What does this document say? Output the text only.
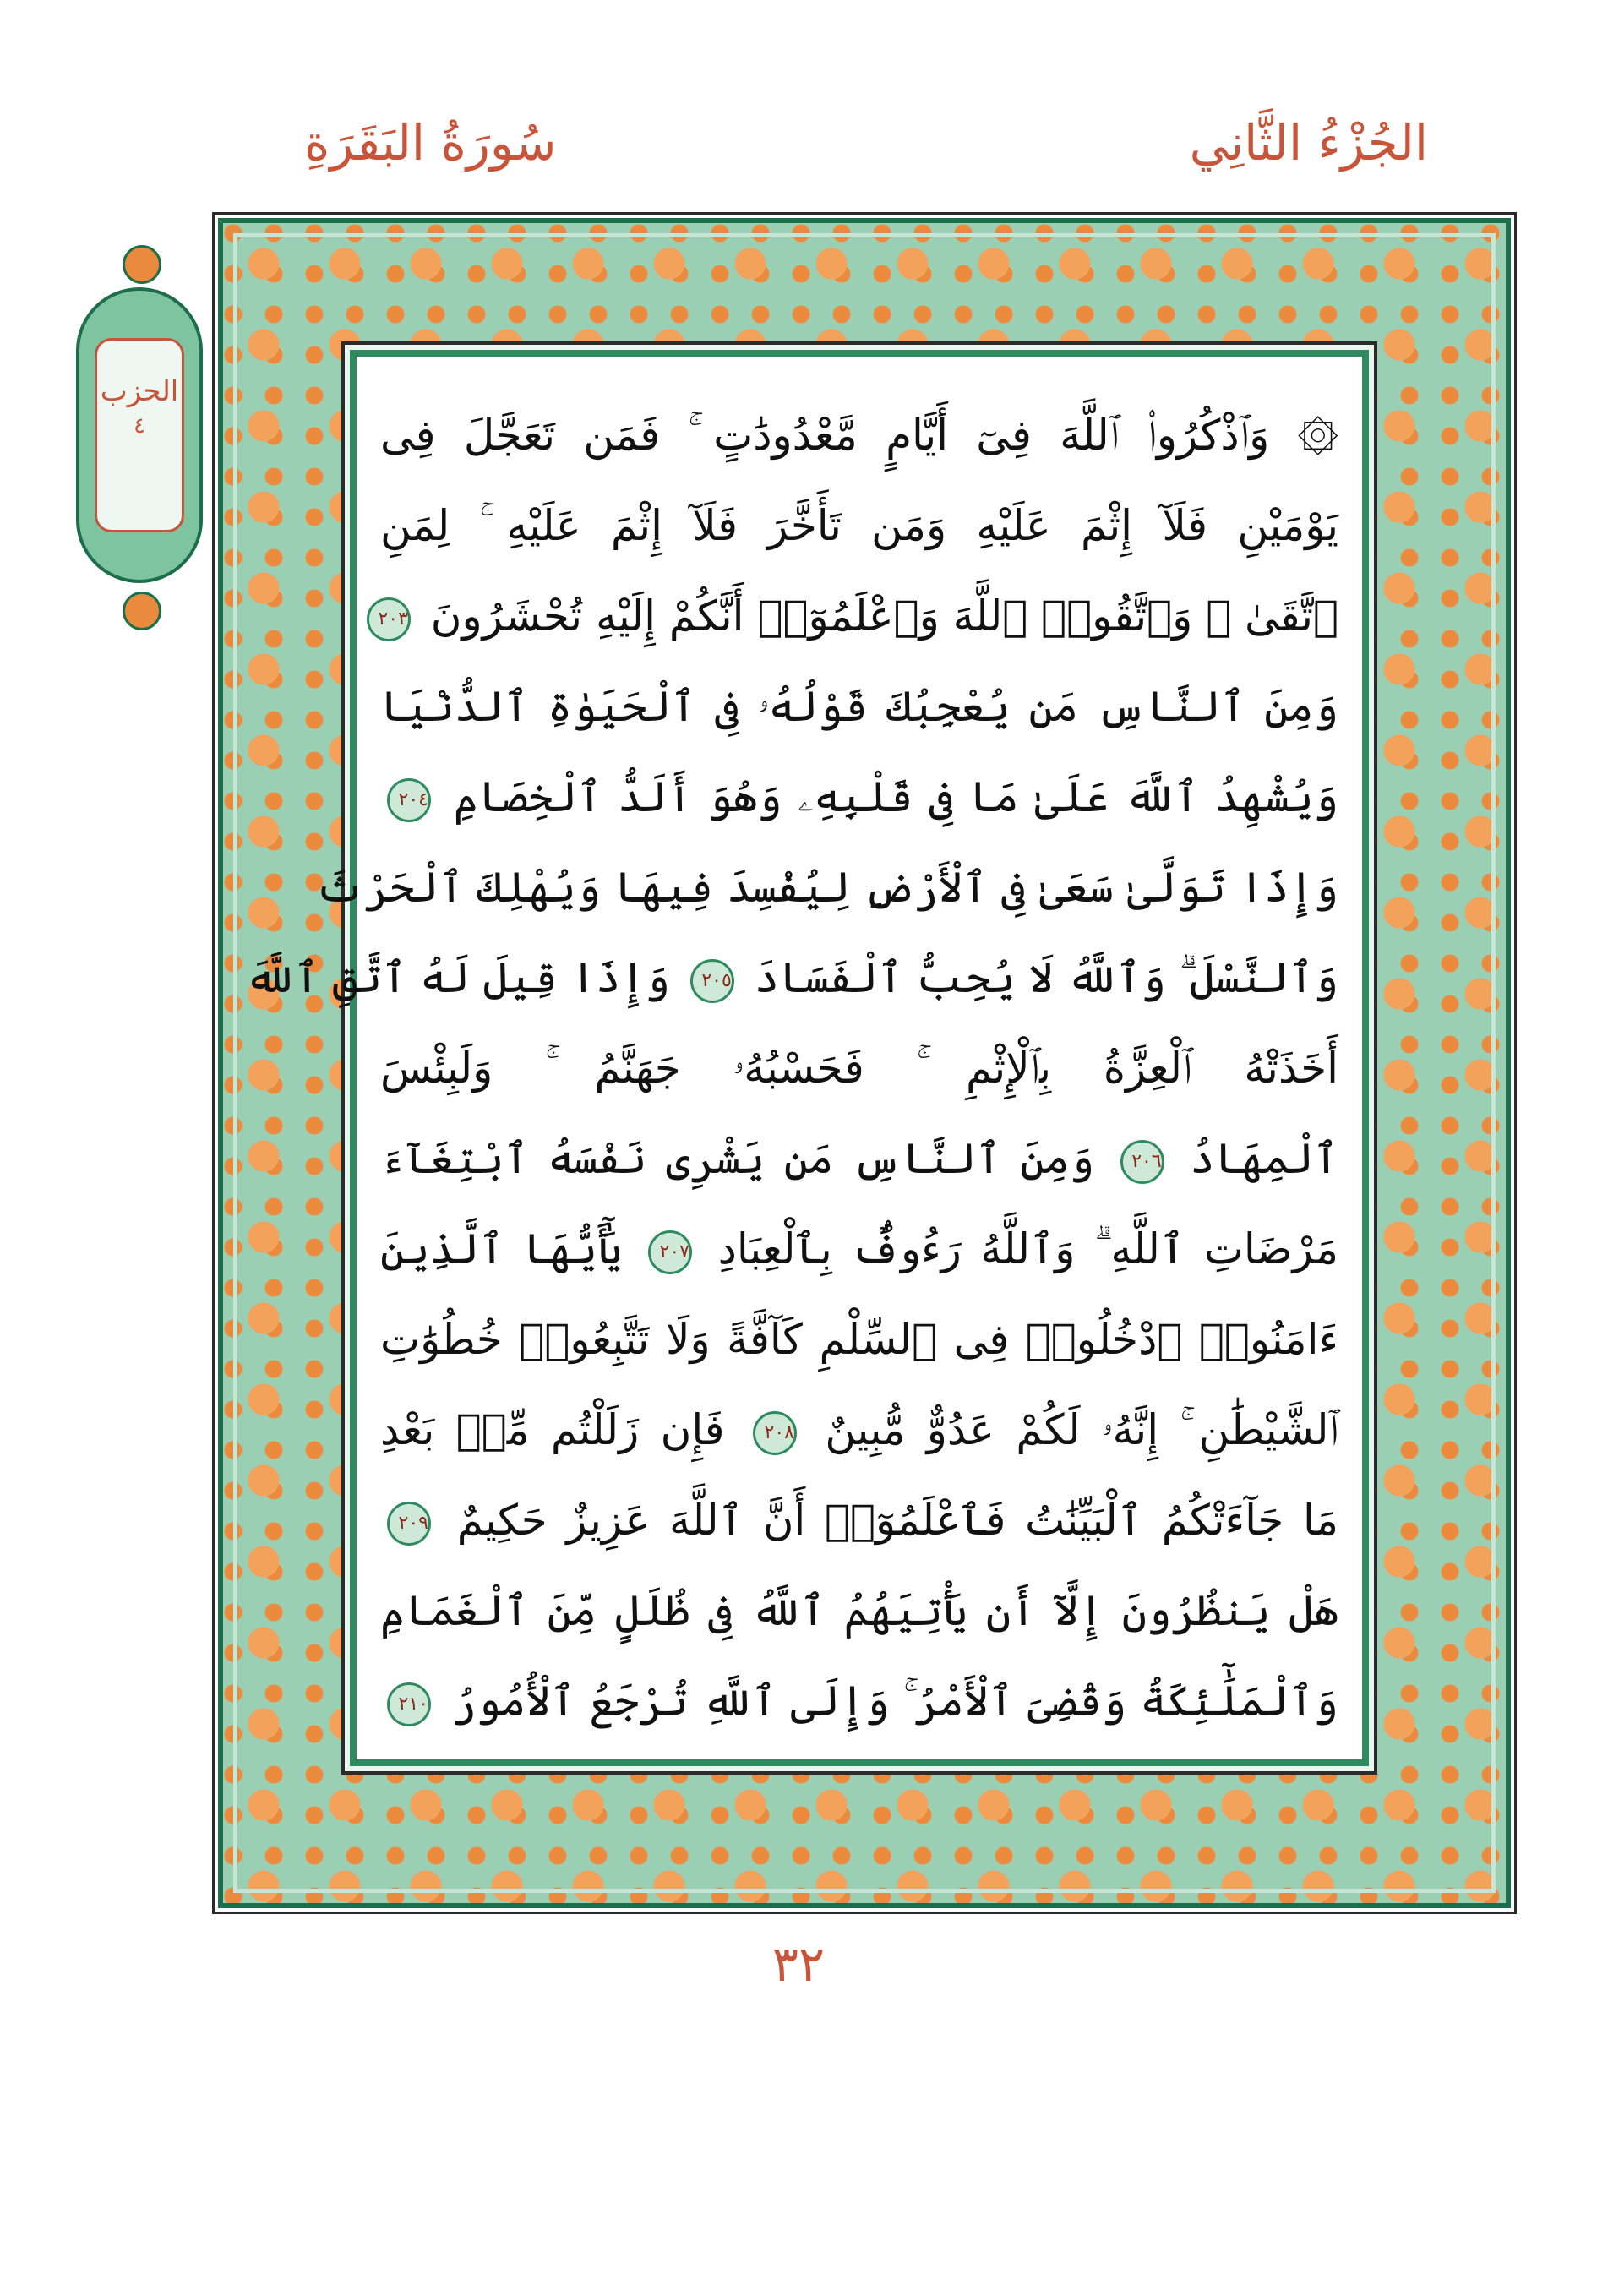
الجُزْءُ الثَّانِي
سُورَةُ البَقَرَةِ
الحزب
٤	۞ وَٱذْكُرُوا۟ ٱللَّهَ فِىٓ أَيَّامٍ مَّعْدُودَٰتٍ ۚ فَمَن تَعَجَّلَ فِى
يَوْمَيْنِ فَلَآ إِثْمَ عَلَيْهِ وَمَن تَأَخَّرَ فَلَآ إِثْمَ عَلَيْهِ ۚ لِمَنِ
ٱتَّقَىٰ ۗ وَٱتَّقُوا۟ ٱللَّهَ وَٱعْلَمُوٓا۟ أَنَّكُمْ إِلَيْهِ تُحْشَرُونَ ٢٠٣
وَمِنَ ٱلنَّاسِ مَن يُعْجِبُكَ قَوْلُهُۥ فِى ٱلْحَيَوٰةِ ٱلدُّنْيَا
وَيُشْهِدُ ٱللَّهَ عَلَىٰ مَا فِى قَلْبِهِۦ وَهُوَ أَلَدُّ ٱلْخِصَامِ ٢٠٤
وَإِذَا تَوَلَّىٰ سَعَىٰ فِى ٱلْأَرْضِ لِيُفْسِدَ فِيهَا وَيُهْلِكَ ٱلْحَرْثَ
وَٱلنَّسْلَ ۗ وَٱللَّهُ لَا يُحِبُّ ٱلْفَسَادَ ٢٠٥ وَإِذَا قِيلَ لَهُ ٱتَّقِ ٱللَّهَ
أَخَذَتْهُ ٱلْعِزَّةُ بِٱلْإِثْمِ ۚ فَحَسْبُهُۥ جَهَنَّمُ ۚ وَلَبِئْسَ
ٱلْمِهَادُ ٢٠٦ وَمِنَ ٱلنَّاسِ مَن يَشْرِى نَفْسَهُ ٱبْتِغَآءَ
مَرْضَاتِ ٱللَّهِ ۗ وَٱللَّهُ رَءُوفٌۢ بِٱلْعِبَادِ ٢٠٧ يَٰٓأَيُّهَا ٱلَّذِينَ
ءَامَنُوا۟ ٱدْخُلُوا۟ فِى ٱلسِّلْمِ كَآفَّةً وَلَا تَتَّبِعُوا۟ خُطُوَٰتِ
ٱلشَّيْطَٰنِ ۚ إِنَّهُۥ لَكُمْ عَدُوٌّ مُّبِينٌ ٢٠٨ فَإِن زَلَلْتُم مِّنۢ بَعْدِ
مَا جَآءَتْكُمُ ٱلْبَيِّنَٰتُ فَٱعْلَمُوٓا۟ أَنَّ ٱللَّهَ عَزِيزٌ حَكِيمٌ ٢٠٩
هَلْ يَنظُرُونَ إِلَّآ أَن يَأْتِيَهُمُ ٱللَّهُ فِى ظُلَلٍ مِّنَ ٱلْغَمَامِ
وَٱلْمَلَٰٓئِكَةُ وَقُضِىَ ٱلْأَمْرُ ۚ وَإِلَى ٱللَّهِ تُرْجَعُ ٱلْأُمُورُ ٢١٠
٣٢
